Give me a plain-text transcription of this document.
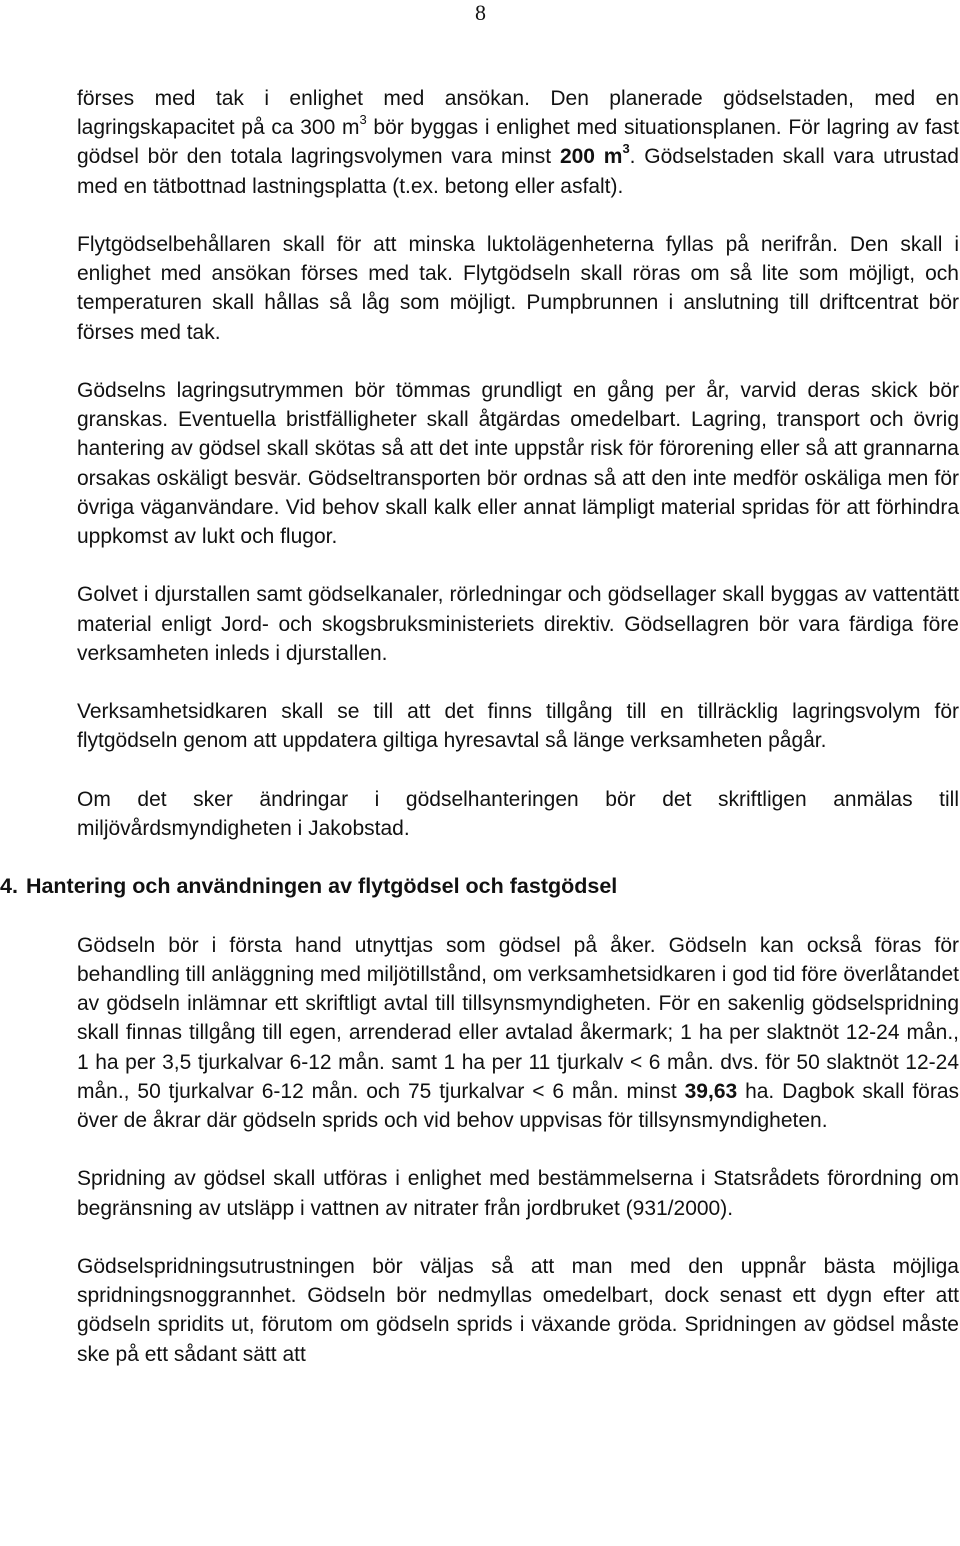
8

förses med tak i enlighet med ansökan. Den planerade gödselstaden, med en lagringskapacitet på ca 300 $m^3$ bör byggas i enlighet med situationsplanen. För lagring av fast gödsel bör den totala lagringsvolymen vara minst 200 $m^3$. Gödselstaden skall vara utrustad med en tätbottnad lastningsplatta (t.ex. betong eller asfalt).

Flytgödselbehållaren skall för att minska luktolägenheterna fyllas på nerifrån. Den skall i enlighet med ansökan förses med tak. Flytgödseln skall röras om så lite som möjligt, och temperaturen skall hållas så låg som möjligt. Pumpbrunnen i anslutning till driftcentrat bör förses med tak.

Gödselns lagringsutrymmen bör tömmas grundligt en gång per år, varvid deras skick bör granskas. Eventuella bristfälligheter skall åtgärdas omedelbart. Lagring, transport och övrig hantering av gödsel skall skötas så att det inte uppstår risk för förorening eller så att grannarna orsakas oskäligt besvär. Gödseltransporten bör ordnas så att den inte medför oskäliga men för övriga väganvändare. Vid behov skall kalk eller annat lämpligt material spridas för att förhindra uppkomst av lukt och flugor.

Golvet i djurstallen samt gödselkanaler, rörledningar och gödsellager skall byggas av vattentätt material enligt Jord- och skogsbruksministeriets direktiv. Gödsellagren bör vara färdiga före verksamheten inleds i djurstallen.

Verksamhetsidkaren skall se till att det finns tillgång till en tillräcklig lagringsvolym för flytgödseln genom att uppdatera giltiga hyresavtal så länge verksamheten pågår.

Om det sker ändringar i gödselhanteringen bör det skriftligen anmälas till miljövårdsmyndigheten i Jakobstad.

4. Hantering och användningen av flytgödsel och fastgödsel

Gödseln bör i första hand utnyttjas som gödsel på åker. Gödseln kan också föras för behandling till anläggning med miljötillstånd, om verksamhetsidkaren i god tid före överlåtandet av gödseln inlämnar ett skriftligt avtal till tillsynsmyndigheten. För en sakenlig gödselspridning skall finnas tillgång till egen, arrenderad eller avtalad åkermark; 1 ha per slaktnöt 12-24 mån., 1 ha per 3,5 tjurkalvar 6-12 mån. samt 1 ha per 11 tjurkalv < 6 mån. dvs. för 50 slaktnöt 12-24 mån., 50 tjurkalvar 6-12 mån. och 75 tjurkalvar < 6 mån. minst 39,63 ha. Dagbok skall föras över de åkrar där gödseln sprids och vid behov uppvisas för tillsynsmyndigheten.

Spridning av gödsel skall utföras i enlighet med bestämmelserna i Statsrådets förordning om begränsning av utsläpp i vattnen av nitrater från jordbruket (931/2000).

Gödselspridningsutrustningen bör väljas så att man med den uppnår bästa möjliga spridningsnoggrannhet. Gödseln bör nedmyllas omedelbart, dock senast ett dygn efter att gödseln spridits ut, förutom om gödseln sprids i växande gröda. Spridningen av gödsel måste ske på ett sådant sätt att
